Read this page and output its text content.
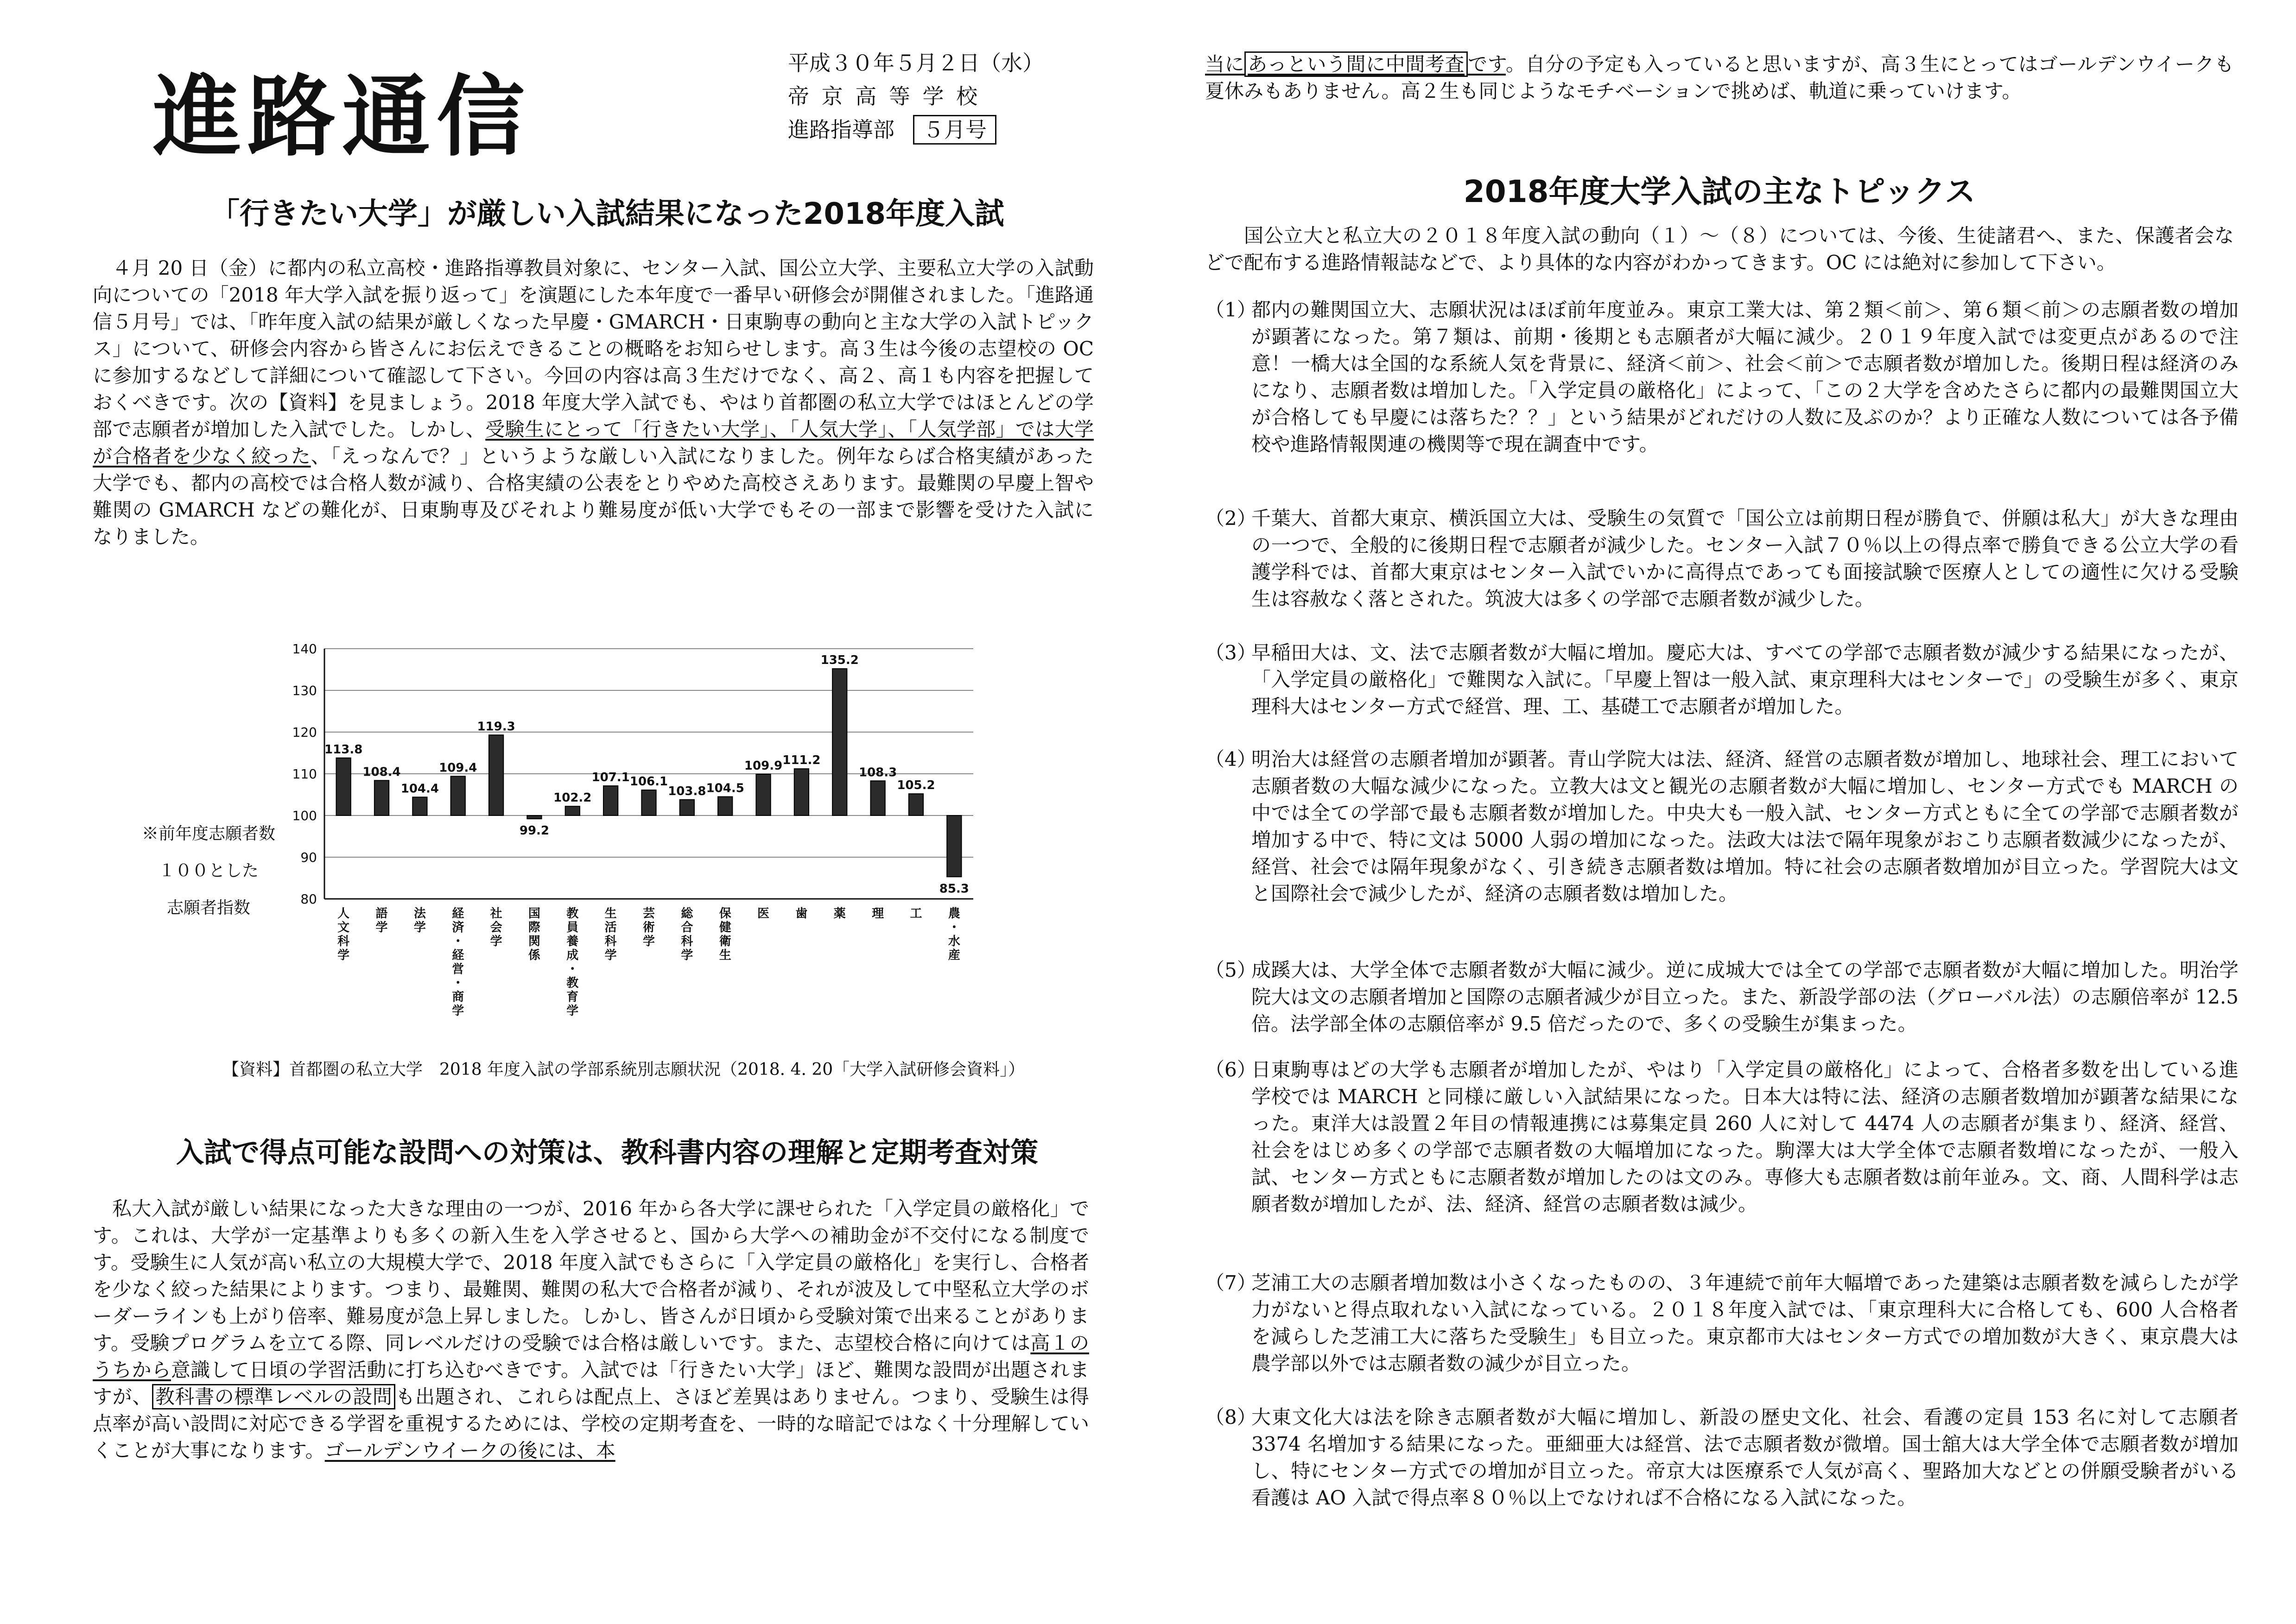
進路通信
平成３０年５月２日（水）
帝 京 高 等 学 校
進路指導部 ５月号
「行きたい大学」が厳しい入試結果になった2018年度入試

４月 20 日（金）に都内の私立高校・進路指導教員対象に、センター入試、国公立大学、主要私立大学の入試動向についての「2018 年大学入試を振り返って」を演題にした本年度で一番早い研修会が開催されました。「進路通信５月号」では、「昨年度入試の結果が厳しくなった早慶・GMARCH・日東駒専の動向と主な大学の入試トピックス」について、研修会内容から皆さんにお伝えできることの概略をお知らせします。高３生は今後の志望校の OC に参加するなどして詳細について確認して下さい。今回の内容は高３生だけでなく、高２、高１も内容を把握しておくべきです。次の【資料】を見ましょう。2018 年度大学入試でも、やはり首都圏の私立大学ではほとんどの学部で志願者が増加した入試でした。しかし、受験生にとって「行きたい大学」、「人気大学」、「人気学部」では大学が合格者を少なく絞った、「えっなんで？」というような厳しい入試になりました。例年ならば合格実績があった大学でも、都内の高校では合格人数が減り、合格実績の公表をとりやめた高校さえあります。最難関の早慶上智や難関の GMARCH などの難化が、日東駒専及びそれより難易度が低い大学でもその一部まで影響を受けた入試になりました。

140
130
120
110
100
90
80
113.8
人文科学
108.4
語学
104.4
法学
109.4
経済・経営・商学
119.3
社会学
99.2
国際関係
102.2
教員養成・教育学
107.1
生活科学
106.1
芸術学
103.8
総合科学
104.5
保健衛生
109.9
医
111.2
歯
135.2
薬
108.3
理
105.2
工
85.3
農・水産
※前年度志願者数
１００とした
志願者指数
【資料】首都圏の私立大学　2018 年度入試の学部系統別志願状況（2018. 4. 20「大学入試研修会資料」）
入試で得点可能な設問への対策は、教科書内容の理解と定期考査対策

私大入試が厳しい結果になった大きな理由の一つが、2016 年から各大学に課せられた「入学定員の厳格化」です。これは、大学が一定基準よりも多くの新入生を入学させると、国から大学への補助金が不交付になる制度です。受験生に人気が高い私立の大規模大学で、2018 年度入試でもさらに「入学定員の厳格化」を実行し、合格者を少なく絞った結果によります。つまり、最難関、難関の私大で合格者が減り、それが波及して中堅私立大学のボーダーラインも上がり倍率、難易度が急上昇しました。しかし、皆さんが日頃から受験対策で出来ることがあります。受験プログラムを立てる際、同レベルだけの受験では合格は厳しいです。また、志望校合格に向けては高１のうちから意識して日頃の学習活動に打ち込むべきです。入試では「行きたい大学」ほど、難関な設問が出題されますが、 教科書の標準レベルの設問 も出題され、これらは配点上、さほど差異はありません。つまり、受験生は得点率が高い設問に対応できる学習を重視するためには、学校の定期考査を、一時的な暗記ではなく十分理解していくことが大事になります。ゴールデンウイークの後には、本

当に あっという間に中間考査 です。自分の予定も入っていると思いますが、高３生にとってはゴールデンウイークも夏休みもありません。高２生も同じようなモチベーションで挑めば、軌道に乗っていけます。

2018年度大学入試の主なトピックス

国公立大と私立大の２０１８年度入試の動向（１）～（８）については、今後、生徒諸君へ、また、保護者会などで配布する進路情報誌などで、より具体的な内容がわかってきます。OC には絶対に参加して下さい。

（1）
都内の難関国立大、志願状況はほぼ前年度並み。東京工業大は、第２類＜前＞、第６類＜前＞の志願者数の増加が顕著になった。第７類は、前期・後期とも志願者が大幅に減少。２０１９年度入試では変更点があるので注意！一橋大は全国的な系統人気を背景に、経済＜前＞、社会＜前＞で志願者数が増加した。後期日程は経済のみになり、志願者数は増加した。「入学定員の厳格化」によって、「この２大学を含めたさらに都内の最難関国立大が合格しても早慶には落ちた？？」という結果がどれだけの人数に及ぶのか？より正確な人数については各予備校や進路情報関連の機関等で現在調査中です。
（2）
千葉大、首都大東京、横浜国立大は、受験生の気質で「国公立は前期日程が勝負で、併願は私大」が大きな理由の一つで、全般的に後期日程で志願者が減少した。センター入試７０％以上の得点率で勝負できる公立大学の看護学科では、首都大東京はセンター入試でいかに高得点であっても面接試験で医療人としての適性に欠ける受験生は容赦なく落とされた。筑波大は多くの学部で志願者数が減少した。
（3）
早稲田大は、文、法で志願者数が大幅に増加。慶応大は、すべての学部で志願者数が減少する結果になったが、「入学定員の厳格化」で難関な入試に。「早慶上智は一般入試、東京理科大はセンターで」の受験生が多く、東京理科大はセンター方式で経営、理、工、基礎工で志願者が増加した。
（4）
明治大は経営の志願者増加が顕著。青山学院大は法、経済、経営の志願者数が増加し、地球社会、理工において志願者数の大幅な減少になった。立教大は文と観光の志願者数が大幅に増加し、センター方式でも MARCH の中では全ての学部で最も志願者数が増加した。中央大も一般入試、センター方式ともに全ての学部で志願者数が増加する中で、特に文は 5000 人弱の増加になった。法政大は法で隔年現象がおこり志願者数減少になったが、経営、社会では隔年現象がなく、引き続き志願者数は増加。特に社会の志願者数増加が目立った。学習院大は文と国際社会で減少したが、経済の志願者数は増加した。
（5）
成蹊大は、大学全体で志願者数が大幅に減少。逆に成城大では全ての学部で志願者数が大幅に増加した。明治学院大は文の志願者増加と国際の志願者減少が目立った。また、新設学部の法（グローバル法）の志願倍率が 12.5 倍。法学部全体の志願倍率が 9.5 倍だったので、多くの受験生が集まった。
（6）
日東駒専はどの大学も志願者が増加したが、やはり「入学定員の厳格化」によって、合格者多数を出している進学校では MARCH と同様に厳しい入試結果になった。日本大は特に法、経済の志願者数増加が顕著な結果になった。東洋大は設置２年目の情報連携には募集定員 260 人に対して 4474 人の志願者が集まり、経済、経営、社会をはじめ多くの学部で志願者数の大幅増加になった。駒澤大は大学全体で志願者数増になったが、一般入試、センター方式ともに志願者数が増加したのは文のみ。専修大も志願者数は前年並み。文、商、人間科学は志願者数が増加したが、法、経済、経営の志願者数は減少。
（7）
芝浦工大の志願者増加数は小さくなったものの、３年連続で前年大幅増であった建築は志願者数を減らしたが学力がないと得点取れない入試になっている。２０１８年度入試では、「東京理科大に合格しても、600 人合格者を減らした芝浦工大に落ちた受験生」も目立った。東京都市大はセンター方式での増加数が大きく、東京農大は農学部以外では志願者数の減少が目立った。
（8）
大東文化大は法を除き志願者数が大幅に増加し、新設の歴史文化、社会、看護の定員 153 名に対して志願者 3374 名増加する結果になった。亜細亜大は経営、法で志願者数が微増。国士舘大は大学全体で志願者数が増加し、特にセンター方式での増加が目立った。帝京大は医療系で人気が高く、聖路加大などとの併願受験者がいる看護は AO 入試で得点率８０％以上でなければ不合格になる入試になった。
